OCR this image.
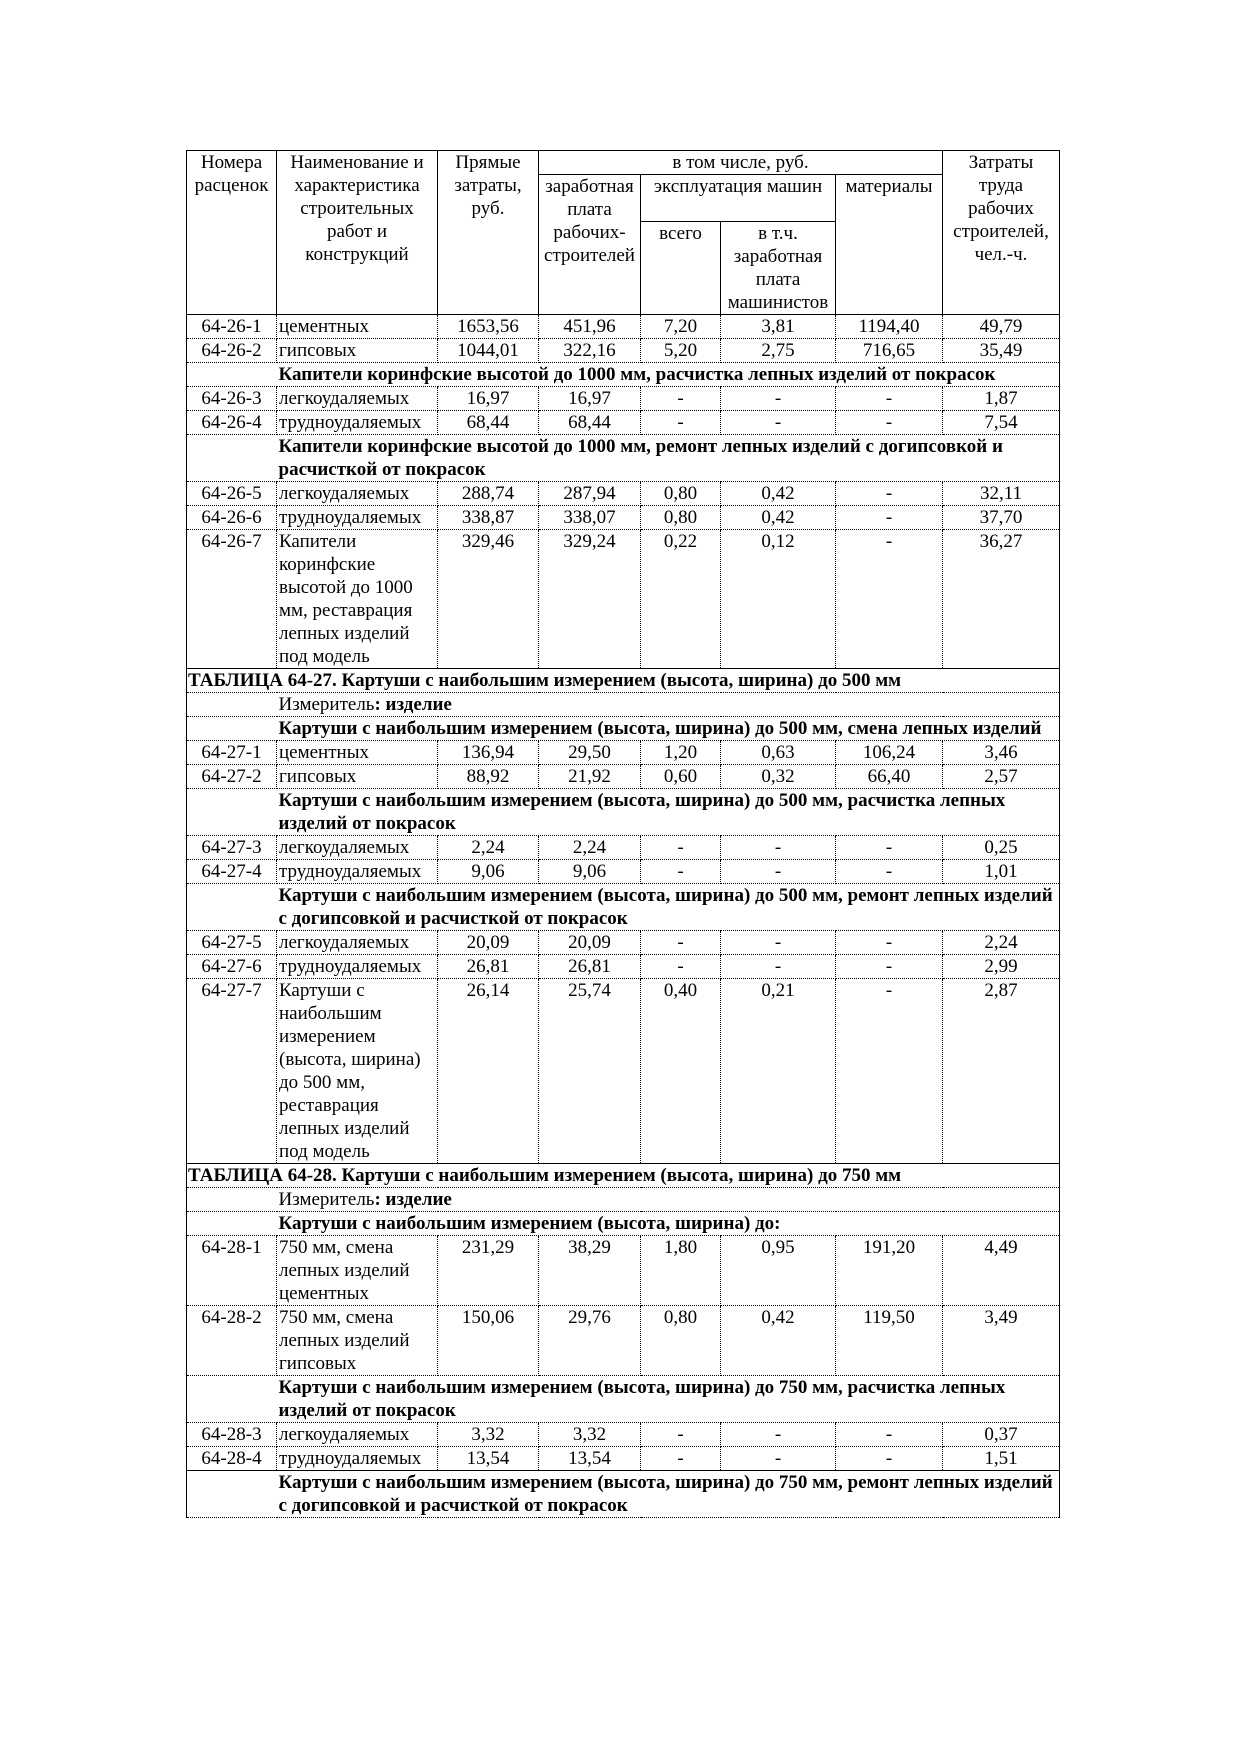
Номера расценок	Наименование и характеристика строительных работ и конструкций	Прямые затраты, руб.	в том числе, руб.				Затраты труда рабочих строителей, чел.-ч.
			заработная плата рабочих-строителей	эксплуатация машин		материалы	
				всего	в т.ч. заработная плата машинистов		
64-26-1	цементных	1653,56	451,96	7,20	3,81	1194,40	49,79
64-26-2	гипсовых	1044,01	322,16	5,20	2,75	716,65	35,49
	Капители коринфские высотой до 1000 мм, расчистка лепных изделий от покрасок						
64-26-3	легкоудаляемых	16,97	16,97	-	-	-	1,87
64-26-4	трудноудаляемых	68,44	68,44	-	-	-	7,54
	Капители коринфские высотой до 1000 мм, ремонт лепных изделий с догипсовкой и расчисткой от покрасок						
64-26-5	легкоудаляемых	288,74	287,94	0,80	0,42	-	32,11
64-26-6	трудноудаляемых	338,87	338,07	0,80	0,42	-	37,70
64-26-7	Капители коринфские высотой до 1000 мм, реставрация лепных изделий под модель	329,46	329,24	0,22	0,12	-	36,27
ТАБЛИЦА 64-27. Картуши с наибольшим измерением (высота, ширина) до 500 мм							
	Измеритель: изделие						
	Картуши с наибольшим измерением (высота, ширина) до 500 мм, смена лепных изделий						
64-27-1	цементных	136,94	29,50	1,20	0,63	106,24	3,46
64-27-2	гипсовых	88,92	21,92	0,60	0,32	66,40	2,57
	Картуши с наибольшим измерением (высота, ширина) до 500 мм, расчистка лепных изделий от покрасок						
64-27-3	легкоудаляемых	2,24	2,24	-	-	-	0,25
64-27-4	трудноудаляемых	9,06	9,06	-	-	-	1,01
	Картуши с наибольшим измерением (высота, ширина) до 500 мм, ремонт лепных изделий с догипсовкой и расчисткой от покрасок						
64-27-5	легкоудаляемых	20,09	20,09	-	-	-	2,24
64-27-6	трудноудаляемых	26,81	26,81	-	-	-	2,99
64-27-7	Картуши с наибольшим измерением (высота, ширина) до 500 мм, реставрация лепных изделий под модель	26,14	25,74	0,40	0,21	-	2,87
ТАБЛИЦА 64-28. Картуши с наибольшим измерением (высота, ширина) до 750 мм							
	Измеритель: изделие						
	Картуши с наибольшим измерением (высота, ширина) до:						
64-28-1	750 мм, смена лепных изделий цементных	231,29	38,29	1,80	0,95	191,20	4,49
64-28-2	750 мм, смена лепных изделий гипсовых	150,06	29,76	0,80	0,42	119,50	3,49
	Картуши с наибольшим измерением (высота, ширина) до 750 мм, расчистка лепных изделий от покрасок						
64-28-3	легкоудаляемых	3,32	3,32	-	-	-	0,37
64-28-4	трудноудаляемых	13,54	13,54	-	-	-	1,51
	Картуши с наибольшим измерением (высота, ширина) до 750 мм, ремонт лепных изделий с догипсовкой и расчисткой от покрасок						
